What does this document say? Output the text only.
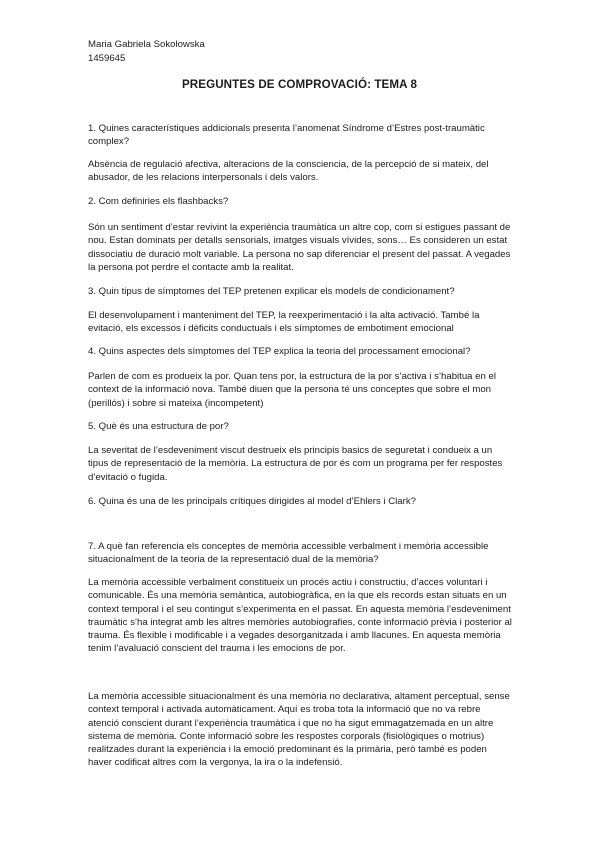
Maria Gabriela Sokolowska
1459645
PREGUNTES DE COMPROVACIÓ: TEMA 8
1. Quines característiques addicionals presenta l’anomenat Síndrome d’Estres post-traumàtic complex?
Absència de regulació afectiva, alteracions de la consciencia, de la percepció de si mateix, del abusador, de les relacions interpersonals i dels valors.
2. Com definiries els flashbacks?
Són un sentiment d’estar revivint la experiència traumàtica un altre cop, com si estigues passant de nou. Estan dominats per detalls sensorials, imatges visuals vívides, sons… Es consideren un estat dissociatiu de duració molt variable. La persona no sap diferenciar el present del passat. A vegades la persona pot perdre el contacte amb la realitat.
3. Quin tipus de símptomes del TEP pretenen explicar els models de condicionament?
El desenvolupament i manteniment del TEP, la reexperimentació i la alta activació. També la evitació, els excessos i dèficits conductuals i els símptomes de embotiment emocional
4. Quins aspectes dels símptomes del TEP explica la teoria del processament emocional?
Parlen de com es produeix la por. Quan tens por, la estructura de la por s’activa i s’habitua en el context de la informació nova. També diuen que la persona té uns conceptes que sobre el mon (perillós) i sobre si mateixa (incompetent)
5. Què és una estructura de por?
La severitat de l’esdeveniment viscut destrueix els principis basics de seguretat i condueix a un tipus de representació de la memòria. La estructura de por és com un programa per fer respostes d’evitació o fugida.
6. Quina és una de les principals crítiques dirigides al model d’Ehlers i Clark?
7. A què fan referencia els conceptes de memòria accessible verbalment i memòria accessible situacionalment de la teoria de la representació dual de la memòria?
La memòria accessible verbalment constitueix un procés actiu i constructiu, d’acces voluntari i comunicable. És una memòria semàntica, autobiogràfica, en la que els records estan situats en un context temporal i el seu contingut s’experimenta en el passat. En aquesta memòria l’esdeveniment traumàtic s’ha integrat amb les altres memòries autobiografies, conte informació prèvia i posterior al trauma. És flexible i modificable i a vegades desorganitzada i amb llacunes. En aquesta memòria tenim l’avaluació conscient del trauma i les emocions de por.
La memòria accessible situacionalment és una memòria no declarativa, altament perceptual, sense context temporal i activada automàticament. Aquí es troba tota la informació que no va rebre atenció conscient durant l’experiència traumàtica i que no ha sigut emmagatzemada en un altre sistema de memòria. Conte informació sobre les respostes corporals (fisiològiques o motrius) realitzades durant la experiència i la emoció predominant és la primària, però també es poden haver codificat altres com la vergonya, la ira o la indefensió.
